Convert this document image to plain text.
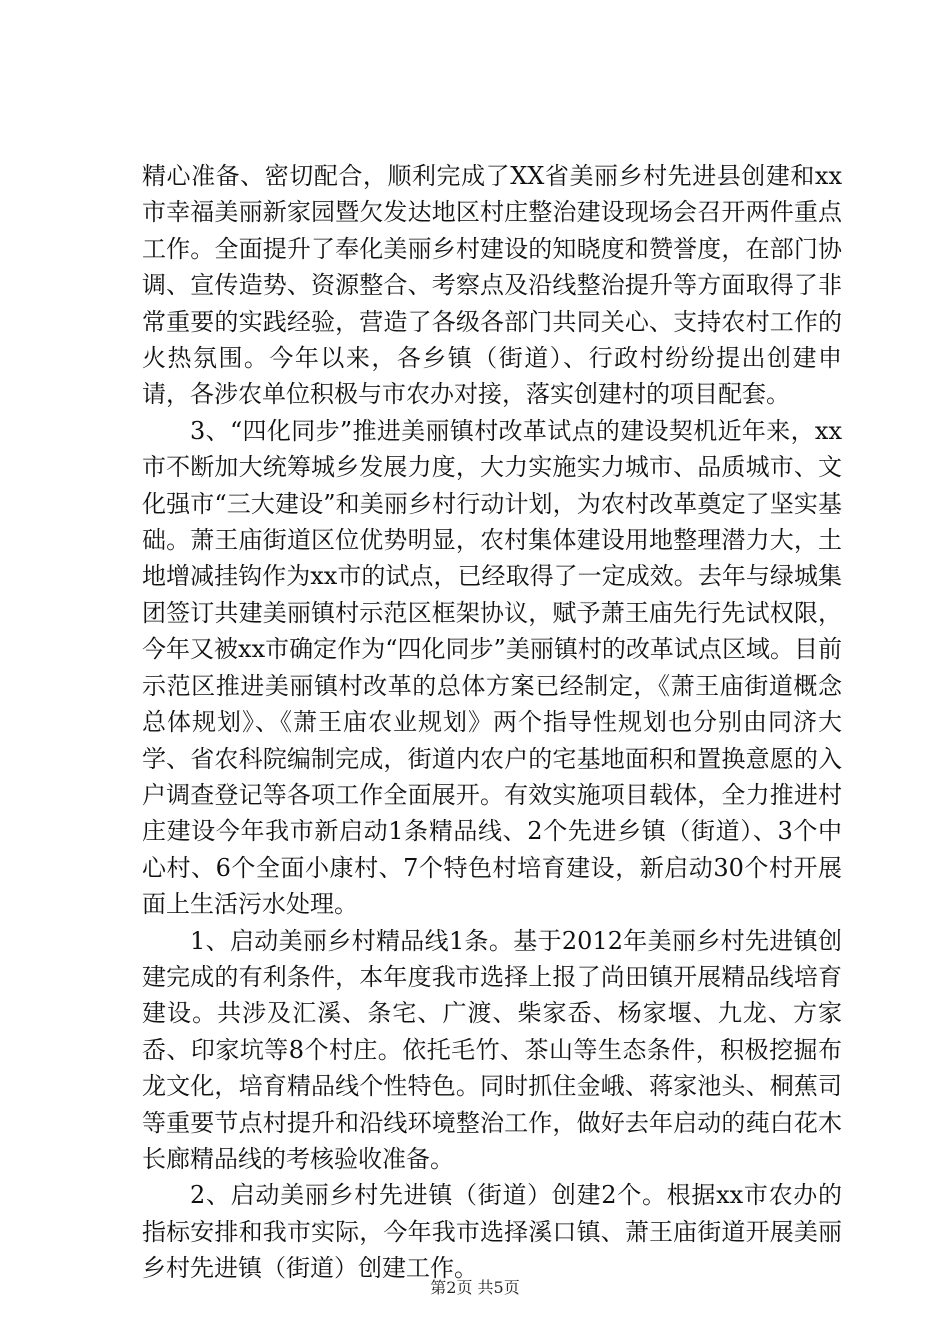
精心准备、密切配合，顺利完成了XX省美丽乡村先进县创建和xx市幸福美丽新家园暨欠发达地区村庄整治建设现场会召开两件重点工作。全面提升了奉化美丽乡村建设的知晓度和赞誉度，在部门协调、宣传造势、资源整合、考察点及沿线整治提升等方面取得了非常重要的实践经验，营造了各级各部门共同关心、支持农村工作的火热氛围。今年以来，各乡镇（街道）、行政村纷纷提出创建申请，各涉农单位积极与市农办对接，落实创建村的项目配套。

3、“四化同步”推进美丽镇村改革试点的建设契机近年来，xx市不断加大统筹城乡发展力度，大力实施实力城市、品质城市、文化强市“三大建设”和美丽乡村行动计划，为农村改革奠定了坚实基础。萧王庙街道区位优势明显，农村集体建设用地整理潜力大，土地增减挂钩作为xx市的试点，已经取得了一定成效。去年与绿城集团签订共建美丽镇村示范区框架协议，赋予萧王庙先行先试权限，今年又被xx市确定作为“四化同步”美丽镇村的改革试点区域。目前示范区推进美丽镇村改革的总体方案已经制定，《萧王庙街道概念总体规划》、《萧王庙农业规划》两个指导性规划也分别由同济大学、省农科院编制完成，街道内农户的宅基地面积和置换意愿的入户调查登记等各项工作全面展开。有效实施项目载体，全力推进村庄建设今年我市新启动1条精品线、2个先进乡镇（街道）、3个中心村、6个全面小康村、7个特色村培育建设，新启动30个村开展面上生活污水处理。

1、启动美丽乡村精品线1条。基于2012年美丽乡村先进镇创建完成的有利条件，本年度我市选择上报了尚田镇开展精品线培育建设。共涉及汇溪、条宅、广渡、柴家岙、杨家堰、九龙、方家岙、印家坑等8个村庄。依托毛竹、茶山等生态条件，积极挖掘布龙文化，培育精品线个性特色。同时抓住金峨、蒋家池头、桐蕉司等重要节点村提升和沿线环境整治工作，做好去年启动的莼白花木长廊精品线的考核验收准备。

2、启动美丽乡村先进镇（街道）创建2个。根据xx市农办的指标安排和我市实际，今年我市选择溪口镇、萧王庙街道开展美丽乡村先进镇（街道）创建工作。

第2页 共5页
